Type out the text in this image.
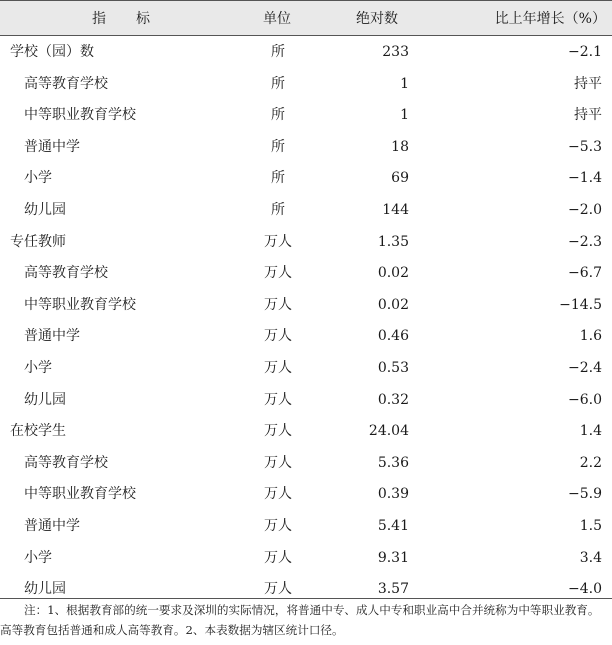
指标	单位	绝对数	比上年增长（%）
学校（园）数	所	233	−2.1
高等教育学校	所	1	持平
中等职业教育学校	所	1	持平
普通中学	所	18	−5.3
小学	所	69	−1.4
幼儿园	所	144	−2.0
专任教师	万人	1.35	−2.3
高等教育学校	万人	0.02	−6.7
中等职业教育学校	万人	0.02	−14.5
普通中学	万人	0.46	1.6
小学	万人	0.53	−2.4
幼儿园	万人	0.32	−6.0
在校学生	万人	24.04	1.4
高等教育学校	万人	5.36	2.2
中等职业教育学校	万人	0.39	−5.9
普通中学	万人	5.41	1.5
小学	万人	9.31	3.4
幼儿园	万人	3.57	−4.0
注：1、根据教育部的统一要求及深圳的实际情况，将普通中专、成人中专和职业高中合并统称为中等职业教育。
高等教育包括普通和成人高等教育。2、本表数据为辖区统计口径。
